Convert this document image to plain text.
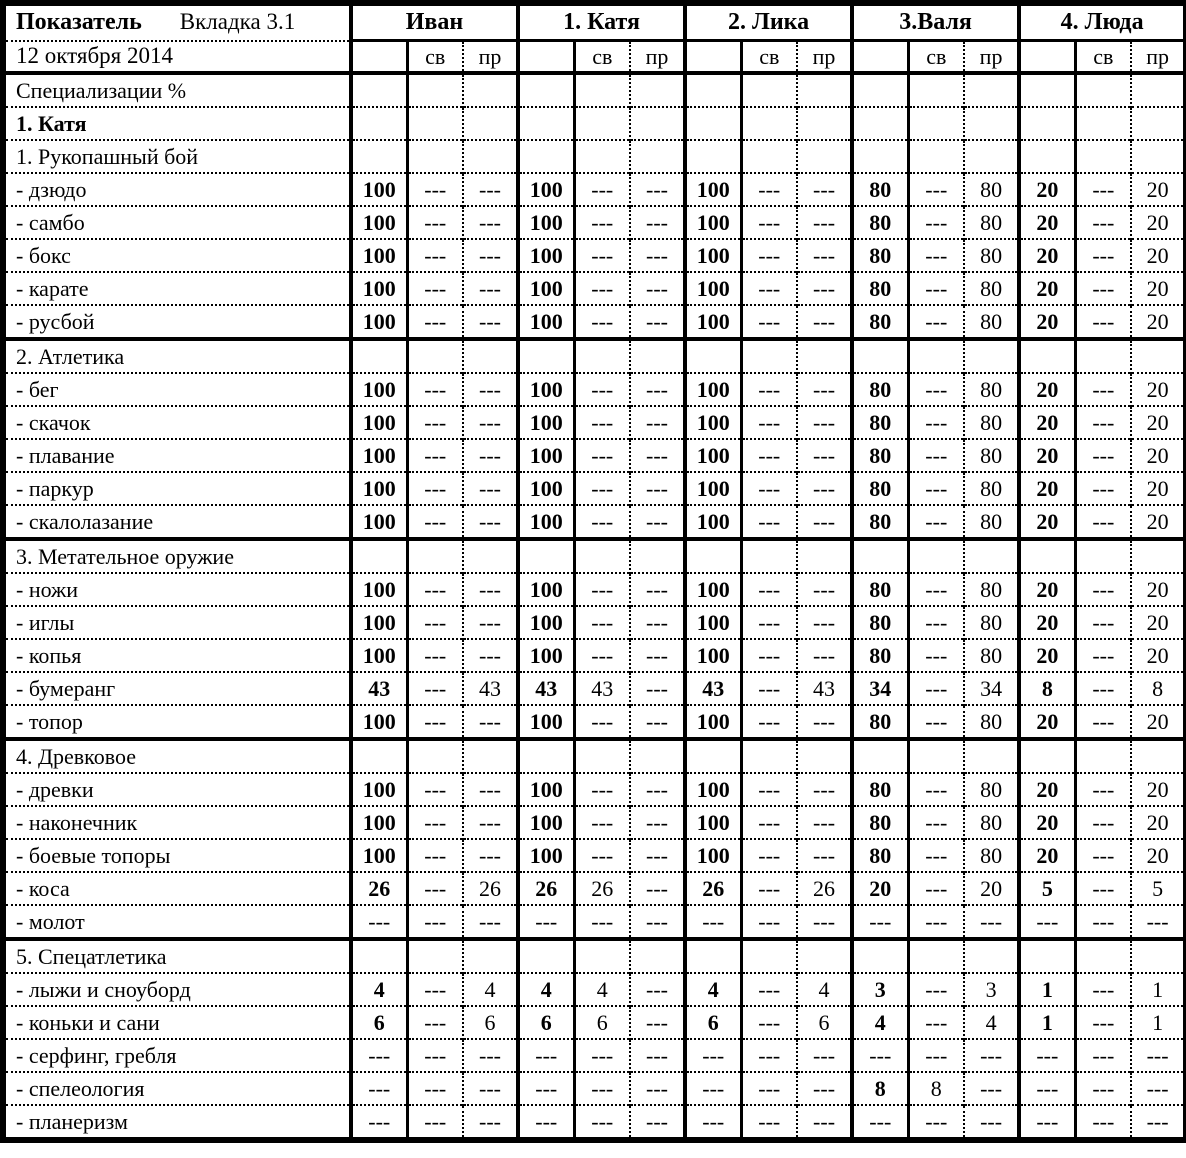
Показатель Вкладка 3.1	Иван			1. Катя			2. Лика			3.Валя			4. Люда		
12 октября 2014		св	пр		св	пр		св	пр		св	пр		св	пр
Специализации %															
1. Катя															
1. Рукопашный бой															
- дзюдо	100	---	---	100	---	---	100	---	---	80	---	80	20	---	20
- самбо	100	---	---	100	---	---	100	---	---	80	---	80	20	---	20
- бокс	100	---	---	100	---	---	100	---	---	80	---	80	20	---	20
- карате	100	---	---	100	---	---	100	---	---	80	---	80	20	---	20
- русбой	100	---	---	100	---	---	100	---	---	80	---	80	20	---	20
2. Атлетика															
- бег	100	---	---	100	---	---	100	---	---	80	---	80	20	---	20
- скачок	100	---	---	100	---	---	100	---	---	80	---	80	20	---	20
- плавание	100	---	---	100	---	---	100	---	---	80	---	80	20	---	20
- паркур	100	---	---	100	---	---	100	---	---	80	---	80	20	---	20
- скалолазание	100	---	---	100	---	---	100	---	---	80	---	80	20	---	20
3. Метательное оружие															
- ножи	100	---	---	100	---	---	100	---	---	80	---	80	20	---	20
- иглы	100	---	---	100	---	---	100	---	---	80	---	80	20	---	20
- копья	100	---	---	100	---	---	100	---	---	80	---	80	20	---	20
- бумеранг	43	---	43	43	43	---	43	---	43	34	---	34	8	---	8
- топор	100	---	---	100	---	---	100	---	---	80	---	80	20	---	20
4. Древковое															
- древки	100	---	---	100	---	---	100	---	---	80	---	80	20	---	20
- наконечник	100	---	---	100	---	---	100	---	---	80	---	80	20	---	20
- боевые топоры	100	---	---	100	---	---	100	---	---	80	---	80	20	---	20
- коса	26	---	26	26	26	---	26	---	26	20	---	20	5	---	5
- молот	---	---	---	---	---	---	---	---	---	---	---	---	---	---	---
5. Спецатлетика															
- лыжи и сноуборд	4	---	4	4	4	---	4	---	4	3	---	3	1	---	1
- коньки и сани	6	---	6	6	6	---	6	---	6	4	---	4	1	---	1
- серфинг, гребля	---	---	---	---	---	---	---	---	---	---	---	---	---	---	---
- спелеология	---	---	---	---	---	---	---	---	---	8	8	---	---	---	---
- планеризм	---	---	---	---	---	---	---	---	---	---	---	---	---	---	---
